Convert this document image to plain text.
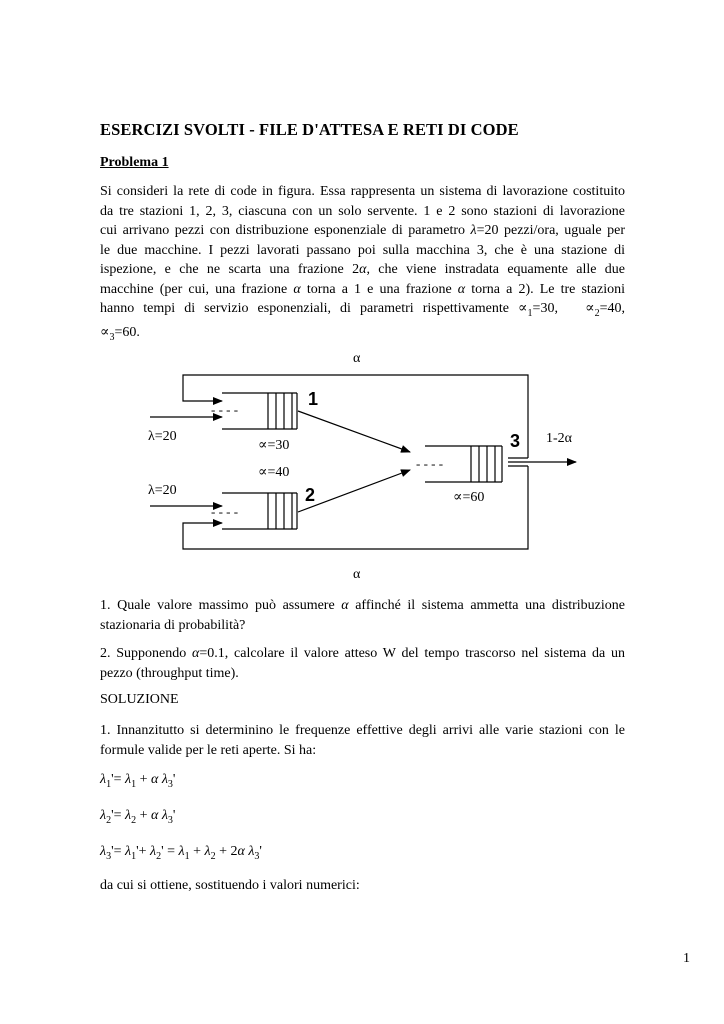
ESERCIZI SVOLTI - FILE D'ATTESA E RETI DI CODE
Problema 1
Si consideri la rete di code in figura. Essa rappresenta un sistema di lavorazione costituito
da tre stazioni 1, 2, 3, ciascuna con un solo servente. 1 e 2 sono stazioni di lavorazione
cui arrivano pezzi con distribuzione esponenziale di parametro λ=20 pezzi/ora, uguale per
le due macchine. I pezzi lavorati passano poi sulla macchina 3, che è una stazione di
ispezione, e che ne scarta una frazione 2α, che viene instradata equamente alle due
macchine (per cui, una frazione α torna a 1 e una frazione α torna a 2). Le tre stazioni
hanno tempi di servizio esponenziali, di parametri rispettivamente $\propto_1=30$,   $\propto_2=40$,
$\propto_3=60$.
- - - -
- - - -
- - - -
α
α
1
2
3
λ=20
λ=20
∝=30
∝=40
∝=60
1-2α
1. Quale valore massimo può assumere α affinché il sistema ammetta una distribuzione
stazionaria di probabilità?
2. Supponendo α=0.1, calcolare il valore atteso W del tempo trascorso nel sistema da un
pezzo (throughput time).
SOLUZIONE
1. Innanzitutto si determinino le frequenze effettive degli arrivi alle varie stazioni con le
formule valide per le reti aperte. Si ha:
$\lambda_1'= \lambda_1 + \alpha$ $\lambda_3'$
$\lambda_2'= \lambda_2 + \alpha$ $\lambda_3'$
$\lambda_3'= \lambda_1'+ \lambda_2' = \lambda_1 + \lambda_2 + 2\alpha$ $\lambda_3'$
da cui si ottiene, sostituendo i valori numerici:
1
